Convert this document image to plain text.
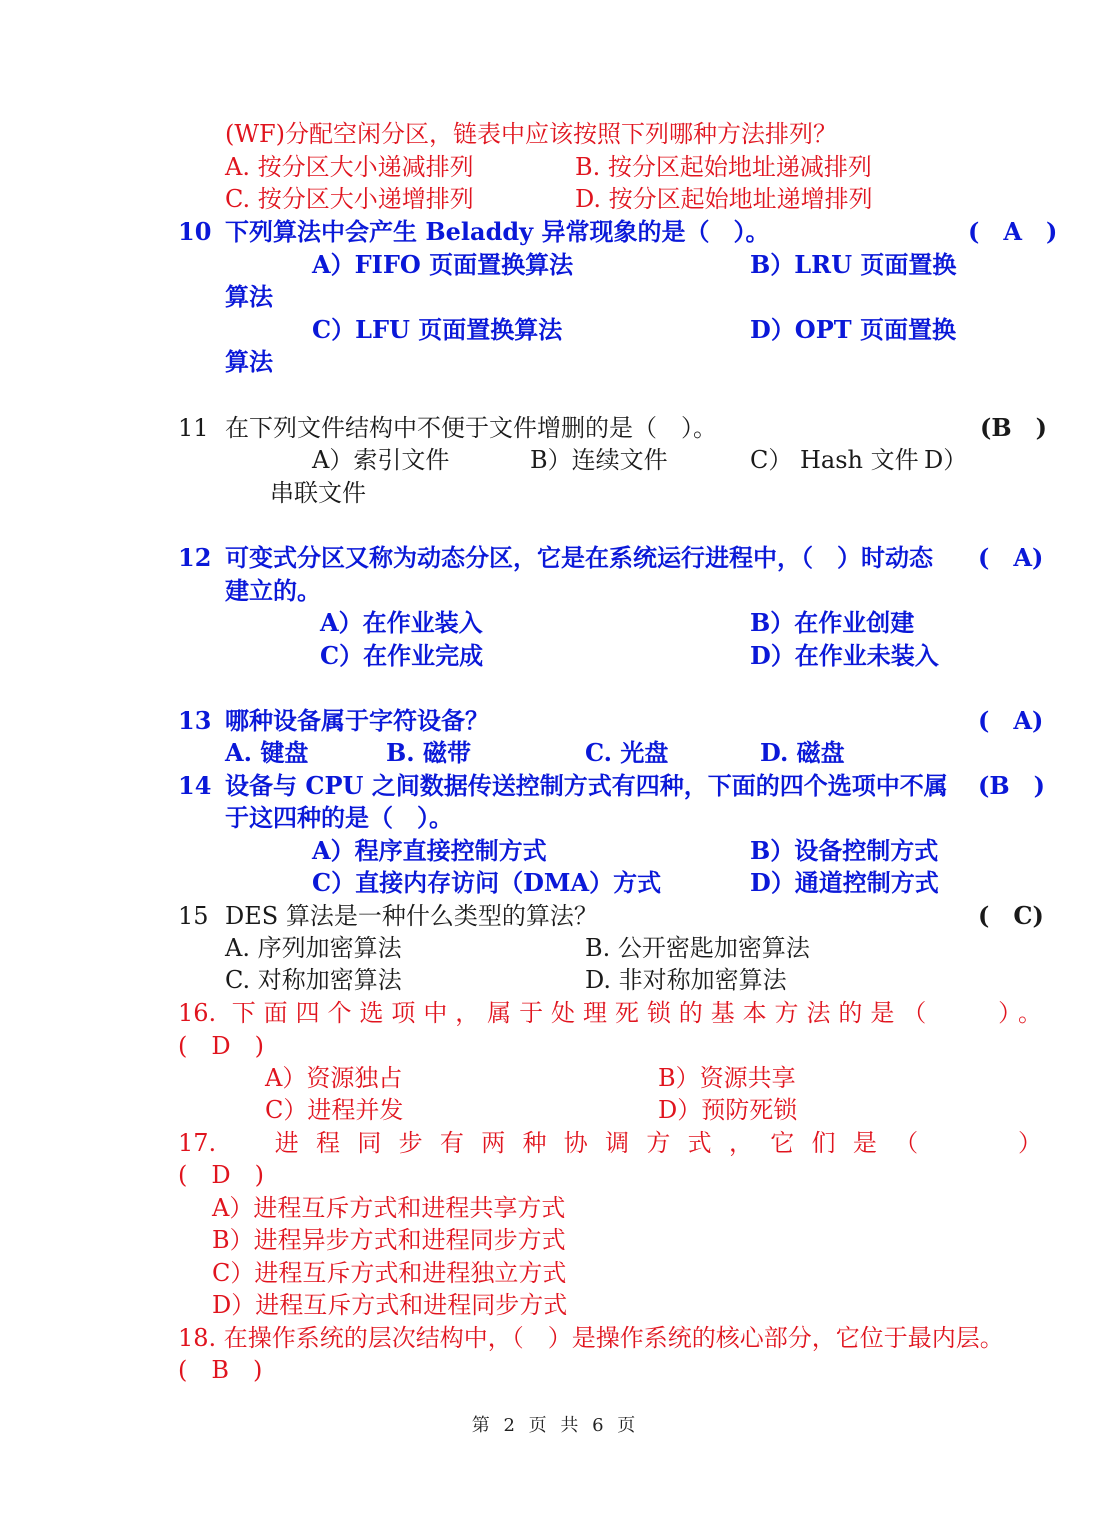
(WF)分配空闲分区，链表中应该按照下列哪种方法排列？
A. 按分区大小递减排列	B. 按分区起始地址递减排列
C. 按分区大小递增排列	D. 按分区起始地址递增排列
10 下列算法中会产生 Beladdy 异常现象的是（　）。	(　A　)
A）FIFO 页面置换算法	B）LRU 页面置换
算法
C）LFU 页面置换算法	D）OPT 页面置换
算法
11 在下列文件结构中不便于文件增删的是（　）。	(B　)
A）索引文件	B）连续文件	C） Hash 文件 D）
串联文件
12 可变式分区又称为动态分区，它是在系统运行进程中，（　）时动态 (　A)
建立的。
A）在作业装入	B）在作业创建
C）在作业完成	D）在作业未装入
13 哪种设备属于字符设备？	(　A)
A. 键盘	B. 磁带	C. 光盘	D. 磁盘
14 设备与 CPU 之间数据传送控制方式有四种，下面的四个选项中不属 (B　)
于这四种的是（　）。
A）程序直接控制方式	B）设备控制方式
C）直接内存访问（DMA）方式	D）通道控制方式
15 DES 算法是一种什么类型的算法？	(　C)
A. 序列加密算法	B. 公开密匙加密算法
C. 对称加密算法	D. 非对称加密算法
16. 下面四个选项中，属于处理死锁的基本方法的是（　　）。
(　D　)
A）资源独占	B）资源共享
C）进程并发	D）预防死锁
17.　进程同步有两种协调方式，它们是（　　）
(　D　)
A）进程互斥方式和进程共享方式
B）进程异步方式和进程同步方式
C）进程互斥方式和进程独立方式
D）进程互斥方式和进程同步方式
18. 在操作系统的层次结构中，（　）是操作系统的核心部分，它位于最内层。
(　B　)
第 2 页 共 6 页
